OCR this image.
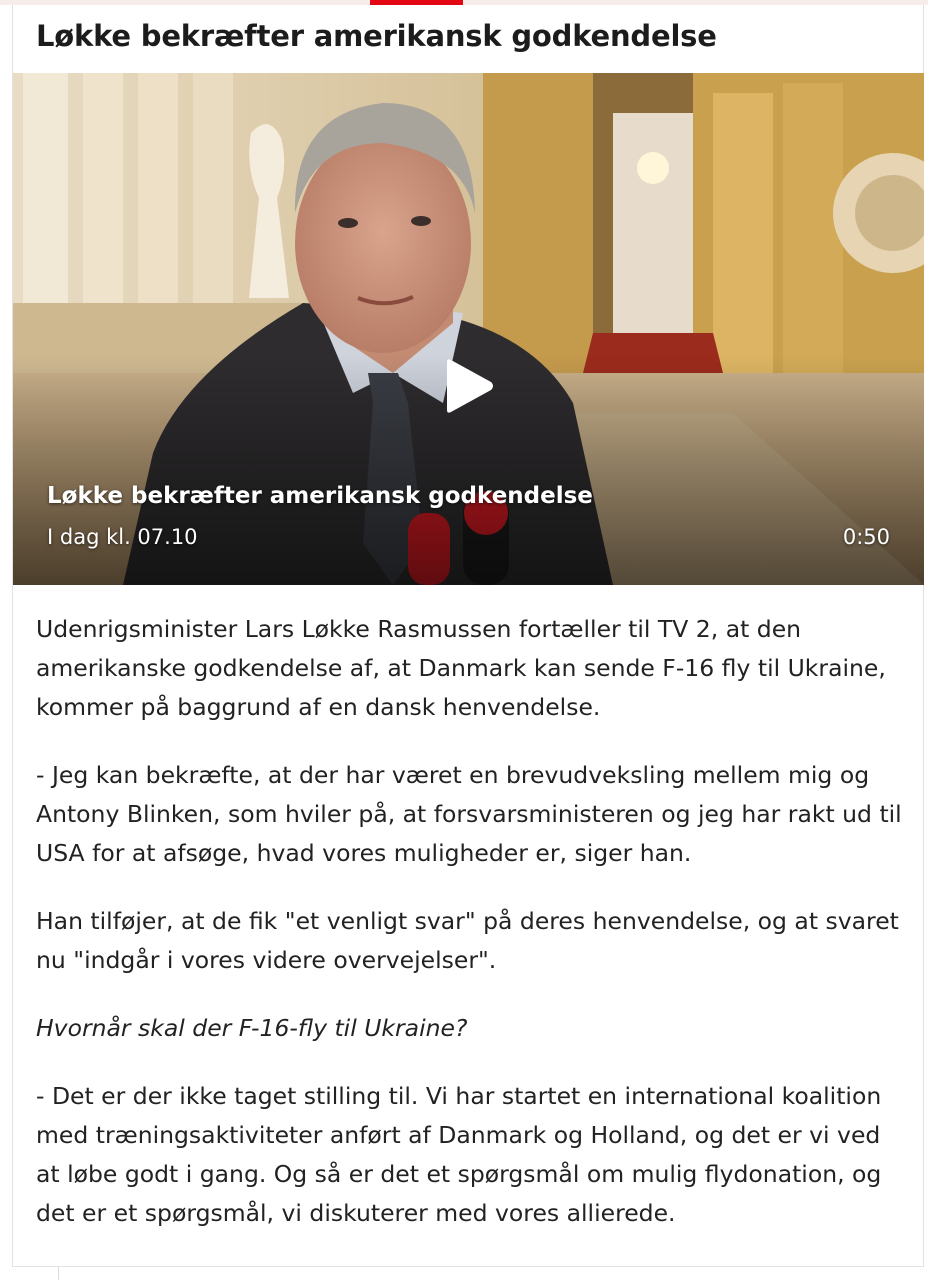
Løkke bekræfter amerikansk godkendelse
Løkke bekræfter amerikansk godkendelse
I dag kl. 07.10	0:50

Udenrigsminister Lars Løkke Rasmussen fortæller til TV 2, at den amerikanske godkendelse af, at Danmark kan sende F-16 fly til Ukraine, kommer på baggrund af en dansk henvendelse.

- Jeg kan bekræfte, at der har været en brevudveksling mellem mig og Antony Blinken, som hviler på, at forsvarsministeren og jeg har rakt ud til USA for at afsøge, hvad vores muligheder er, siger han.

Han tilføjer, at de fik "et venligt svar" på deres henvendelse, og at svaret nu "indgår i vores videre overvejelser".

Hvornår skal der F-16-fly til Ukraine?

- Det er der ikke taget stilling til. Vi har startet en international koalition med træningsaktiviteter anført af Danmark og Holland, og det er vi ved at løbe godt i gang. Og så er det et spørgsmål om mulig flydonation, og det er et spørgsmål, vi diskuterer med vores allierede.
